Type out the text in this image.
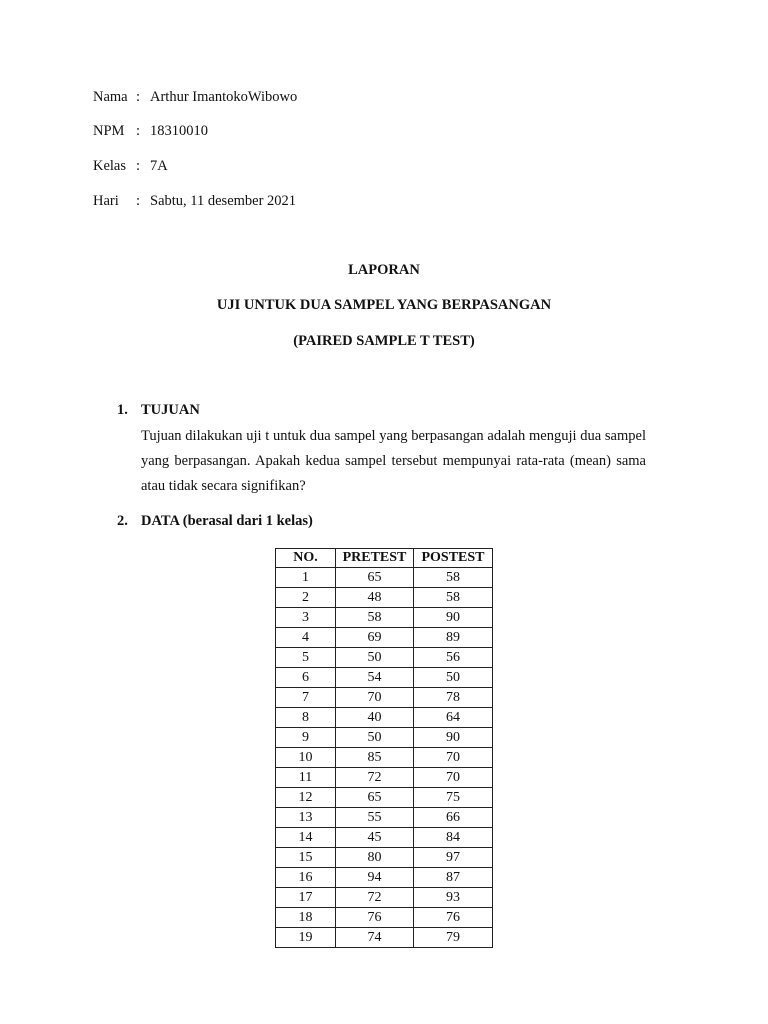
Nama : Arthur ImantokoWibowo
NPM : 18310010
Kelas : 7A
Hari : Sabtu, 11 desember 2021
LAPORAN
UJI UNTUK DUA SAMPEL YANG BERPASANGAN
(PAIRED SAMPLE T TEST)
1. TUJUAN
Tujuan dilakukan uji t untuk dua sampel yang berpasangan adalah menguji dua sampel yang berpasangan. Apakah kedua sampel tersebut mempunyai rata-rata (mean) sama atau tidak secara signifikan?
2. DATA (berasal dari 1 kelas)
NO.	PRETEST	POSTEST
1	65	58
2	48	58
3	58	90
4	69	89
5	50	56
6	54	50
7	70	78
8	40	64
9	50	90
10	85	70
11	72	70
12	65	75
13	55	66
14	45	84
15	80	97
16	94	87
17	72	93
18	76	76
19	74	79
